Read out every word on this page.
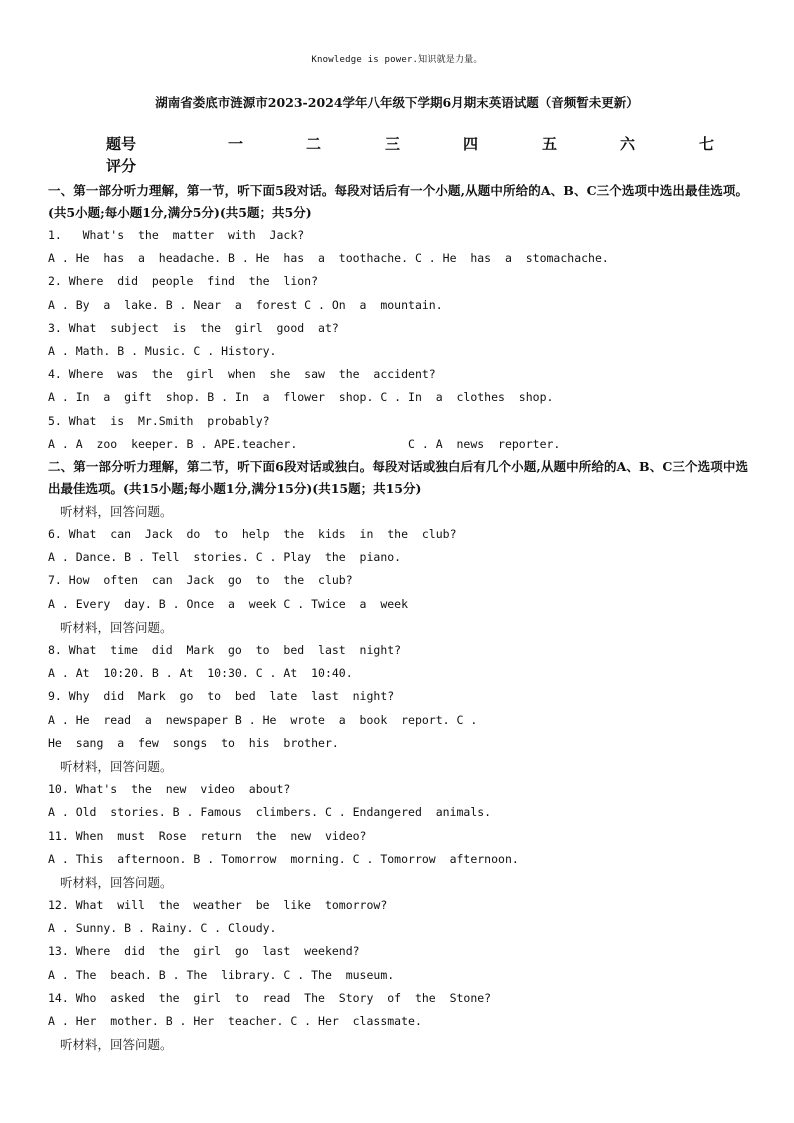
Knowledge is power.知识就是力量。
湖南省娄底市涟源市2023-2024学年八年级下学期6月期末英语试题（音频暂未更新）
题号	一	二	三	四	五	六	七
评分
一、第一部分听力理解，第一节，听下面5段对话。每段对话后有一个小题,从题中所给的A、B、C三个选项中选出最佳选项。(共5小题;每小题1分,满分5分)(共5题；共5分)
1.   What's  the  matter  with  Jack?
A . He  has  a  headache. B . He  has  a  toothache. C . He  has  a  stomachache.
2. Where  did  people  find  the  lion?
A . By  a  lake. B . Near  a  forest C . On  a  mountain.
3. What  subject  is  the  girl  good  at?
A . Math. B . Music. C . History.
4. Where  was  the  girl  when  she  saw  the  accident?
A . In  a  gift  shop. B . In  a  flower  shop. C . In  a  clothes  shop.
5. What  is  Mr.Smith  probably?
A . A  zoo  keeper. B . APE.teacher.                C . A  news  reporter.
二、第一部分听力理解，第二节，听下面6段对话或独白。每段对话或独白后有几个小题,从题中所给的A、B、C三个选项中选出最佳选项。(共15小题;每小题1分,满分15分)(共15题；共15分)
听材料，回答问题。
6. What  can  Jack  do  to  help  the  kids  in  the  club?
A . Dance. B . Tell  stories. C . Play  the  piano.
7. How  often  can  Jack  go  to  the  club?
A . Every  day. B . Once  a  week C . Twice  a  week
听材料，回答问题。
8. What  time  did  Mark  go  to  bed  last  night?
A . At  10:20. B . At  10:30. C . At  10:40.
9. Why  did  Mark  go  to  bed  late  last  night?
A . He  read  a  newspaper B . He  wrote  a  book  report. C .
He  sang  a  few  songs  to  his  brother.
听材料，回答问题。
10. What's  the  new  video  about?
A . Old  stories. B . Famous  climbers. C . Endangered  animals.
11. When  must  Rose  return  the  new  video?
A . This  afternoon. B . Tomorrow  morning. C . Tomorrow  afternoon.
听材料，回答问题。
12. What  will  the  weather  be  like  tomorrow?
A . Sunny. B . Rainy. C . Cloudy.
13. Where  did  the  girl  go  last  weekend?
A . The  beach. B . The  library. C . The  museum.
14. Who  asked  the  girl  to  read  The  Story  of  the  Stone?
A . Her  mother. B . Her  teacher. C . Her  classmate.
听材料，回答问题。
